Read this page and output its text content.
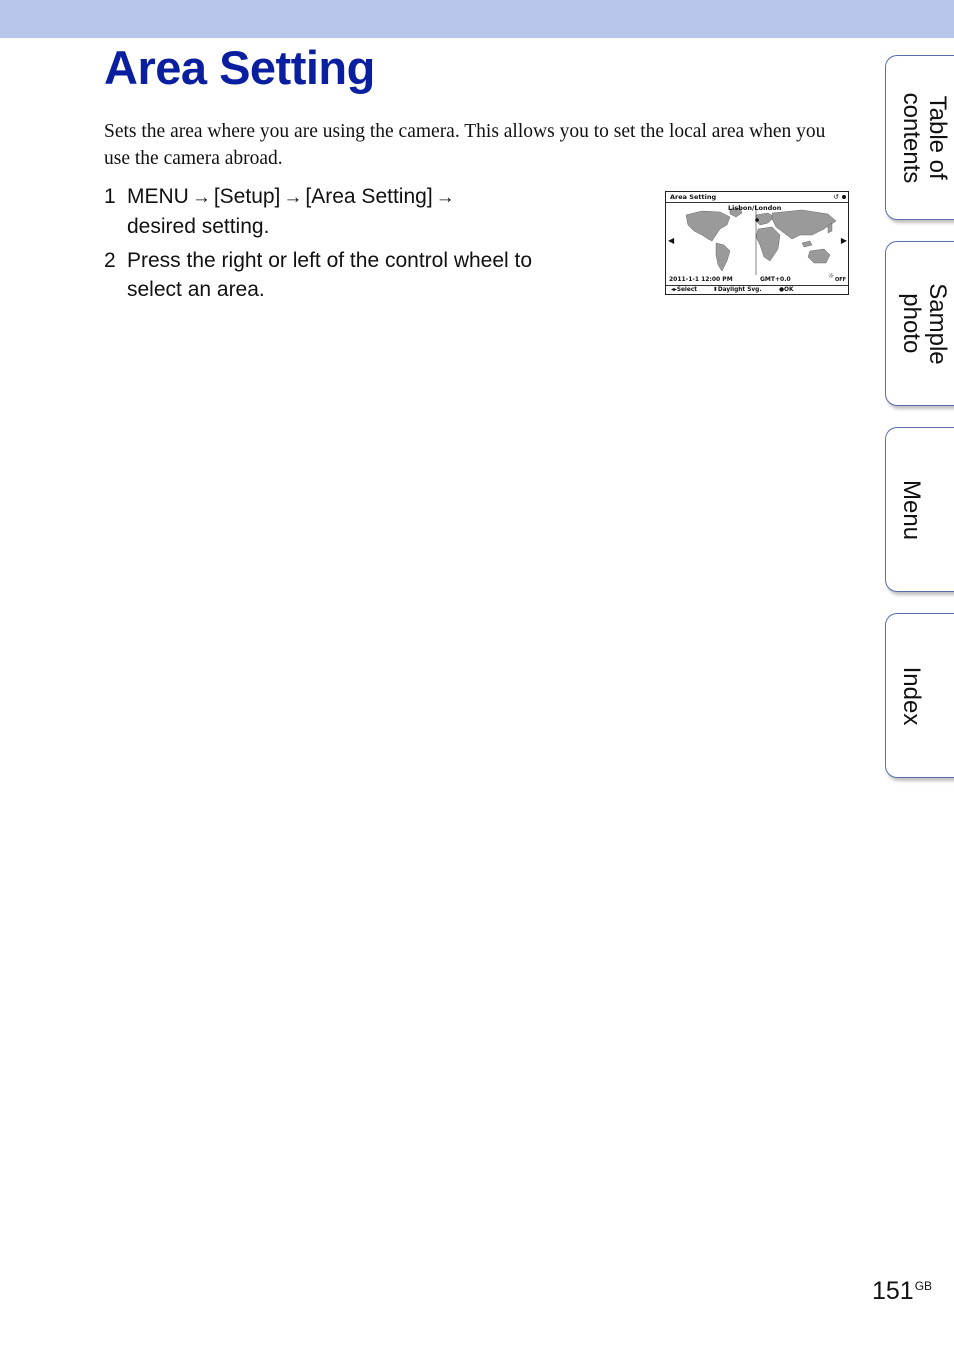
Area Setting

Sets the area where you are using the camera. This allows you to set the local area when you use the camera abroad.

1 MENU → [Setup] → [Area Setting] →
desired setting.
2 Press the right or left of the control wheel to select an area.
Area Setting	↺
Lisbon/London
◀	▶
2011-1-1 12:00 PM	GMT+0.0	☼ OFF
◂▸Select	⬍Daylight Svg.	●OK
Table of
contents
Sample photo
Menu
Index
$151^{GB}$
